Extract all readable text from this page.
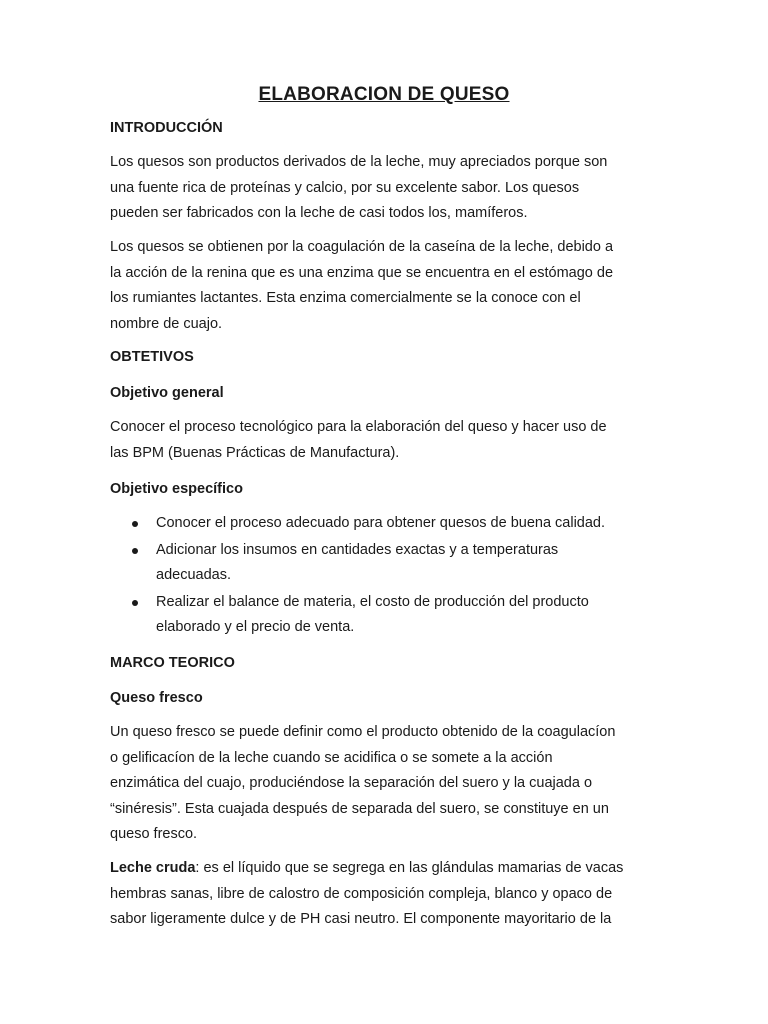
ELABORACION DE QUESO
INTRODUCCIÓN

Los quesos son productos derivados de la leche, muy apreciados porque son
una fuente rica de proteínas y calcio, por su excelente sabor. Los quesos
pueden ser fabricados con la leche de casi todos los, mamíferos.

Los quesos se obtienen por la coagulación de la caseína de la leche, debido a
la acción de la renina que es una enzima que se encuentra en el estómago de
los rumiantes lactantes. Esta enzima comercialmente se la conoce con el
nombre de cuajo.

OBTETIVOS
Objetivo general

Conocer el proceso tecnológico para la elaboración del queso y hacer uso de
las BPM (Buenas Prácticas de Manufactura).

Objetivo específico
Conocer el proceso adecuado para obtener quesos de buena calidad.
Adicionar los insumos en cantidades exactas y a temperaturas
adecuadas.
Realizar el balance de materia, el costo de producción del producto
elaborado y el precio de venta.
MARCO TEORICO
Queso fresco

Un queso fresco se puede definir como el producto obtenido de la coagulacíon
o gelificacíon de la leche cuando se acidifica o se somete a la acción
enzimática del cuajo, produciéndose la separación del suero y la cuajada o
“sinéresis”. Esta cuajada después de separada del suero, se constituye en un
queso fresco.

Leche cruda: es el líquido que se segrega en las glándulas mamarias de vacas
hembras sanas, libre de calostro de composición compleja, blanco y opaco de
sabor ligeramente dulce y de PH casi neutro. El componente mayoritario de la
